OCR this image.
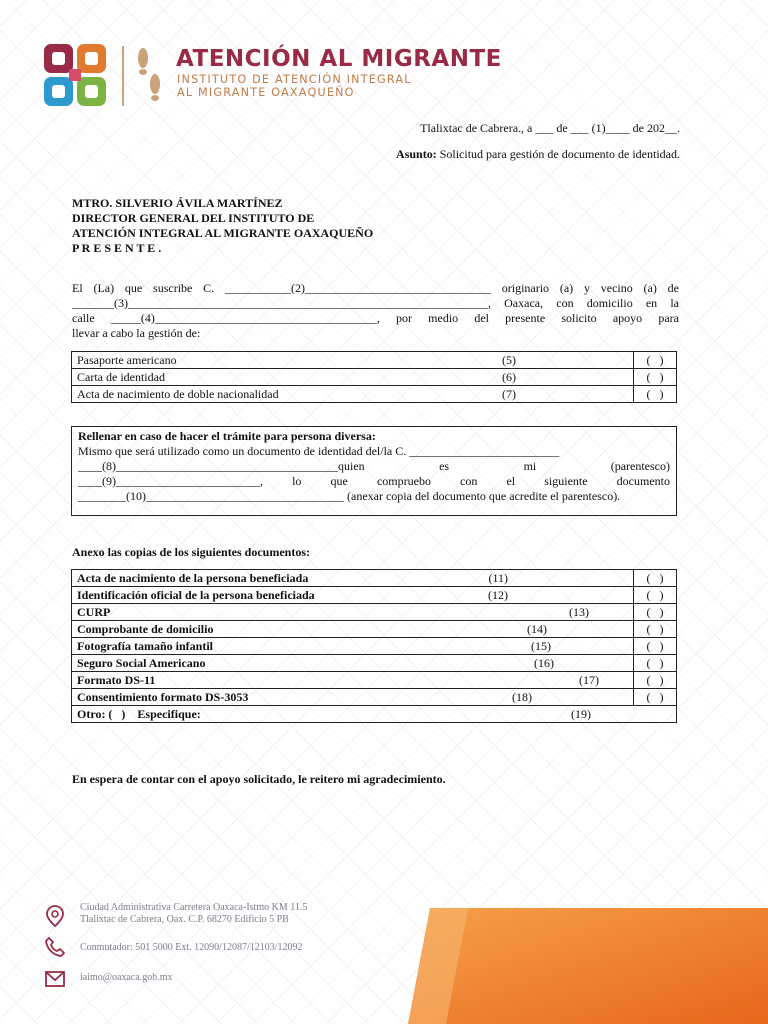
ATENCIÓN AL MIGRANTE
INSTITUTO DE ATENCIÓN INTEGRAL
AL MIGRANTE OAXAQUEÑO
Tlalixtac de Cabrera., a ___ de ___ (1)____ de 202__.
Asunto: Solicitud para gestión de documento de identidad.
MTRO. SILVERIO ÁVILA MARTÍNEZ
DIRECTOR GENERAL DEL INSTITUTO DE
ATENCIÓN INTEGRAL AL MIGRANTE OAXAQUEÑO
P R E S E N T E .
El (La) que suscribe C. ___________(2)_______________________________ originario (a) y vecino (a) de
_______(3)____________________________________________________________, Oaxaca, con domicilio en la
calle _____(4)_____________________________________, por medio del presente solicito apoyo para
llevar a cabo la gestión de:
Pasaporte americano	(5)	(   )
Carta de identidad	(6)	(   )
Acta de nacimiento de doble nacionalidad	(7)	(   )
Rellenar en caso de hacer el trámite para persona diversa:
Mismo que será utilizado como un documento de identidad del/la C. _________________________
____(8)_____________________________________quien es mi (parentesco)
____(9)________________________, lo que compruebo con el siguiente documento
________(10)_________________________________ (anexar copia del documento que acredite el parentesco).
Anexo las copias de los siguientes documentos:
Acta de nacimiento de la persona beneficiada	(11)	(   )
Identificación oficial de la persona beneficiada	(12)	(   )
CURP	(13)	(   )
Comprobante de domicilio	(14)	(   )
Fotografía tamaño infantil	(15)	(   )
Seguro Social Americano	(16)	(   )
Formato DS-11	(17)	(   )
Consentimiento formato DS-3053	(18)	(   )
Otro: (   )    Especifique:	(19)	
En espera de contar con el apoyo solicitado, le reitero mi agradecimiento.
Ciudad Administrativa Carretera Oaxaca-Istmo KM 11.5
Tlalixtac de Cabrera, Oax. C.P. 68270 Edificio 5 PB
Conmutador: 501 5000 Ext. 12090/12087/12103/12092
iaimo@oaxaca.gob.mx
